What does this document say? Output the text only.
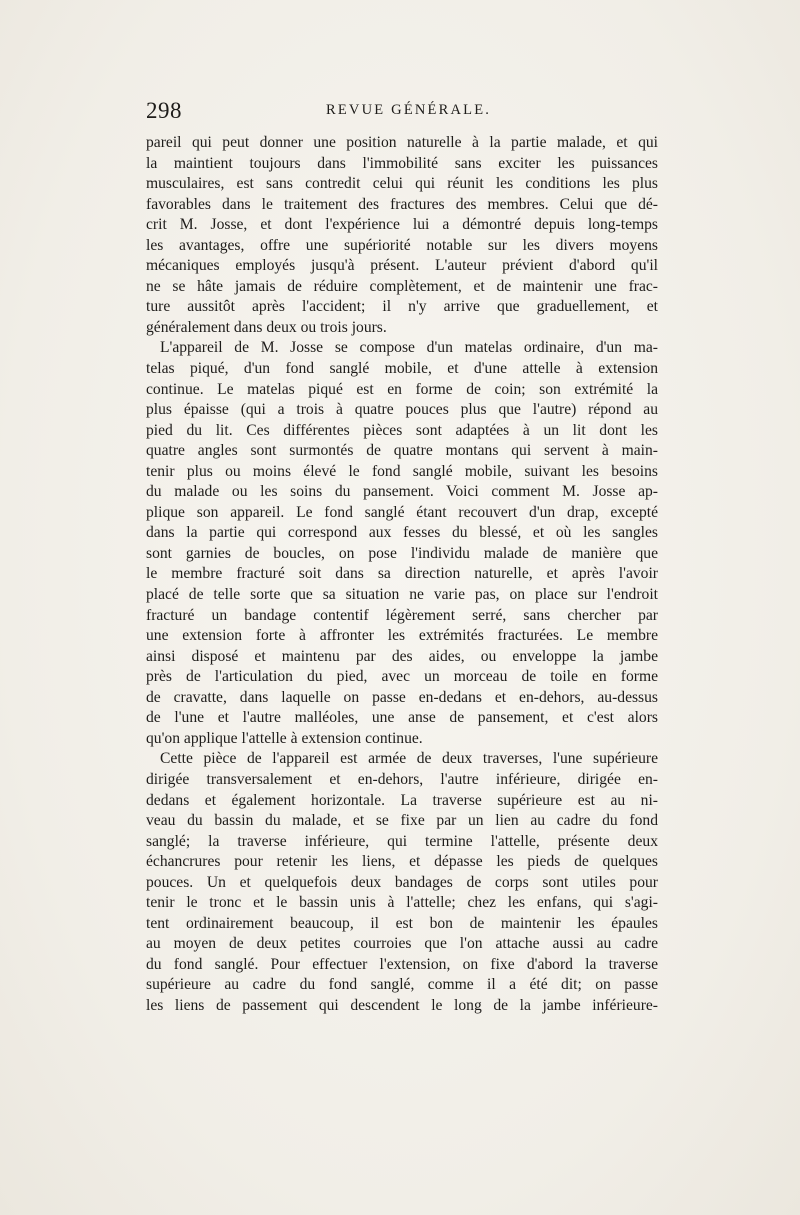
298	REVUE GÉNÉRALE.
pareil qui peut donner une position naturelle à la partie malade, et qui
la maintient toujours dans l'immobilité sans exciter les puissances
musculaires, est sans contredit celui qui réunit les conditions les plus
favorables dans le traitement des fractures des membres. Celui que dé-
crit M. Josse, et dont l'expérience lui a démontré depuis long-temps
les avantages, offre une supériorité notable sur les divers moyens
mécaniques employés jusqu'à présent. L'auteur prévient d'abord qu'il
ne se hâte jamais de réduire complètement, et de maintenir une frac-
ture aussitôt après l'accident; il n'y arrive que graduellement, et
généralement dans deux ou trois jours.
L'appareil de M. Josse se compose d'un matelas ordinaire, d'un ma-
telas piqué, d'un fond sanglé mobile, et d'une attelle à extension
continue. Le matelas piqué est en forme de coin; son extrémité la
plus épaisse (qui a trois à quatre pouces plus que l'autre) répond au
pied du lit. Ces différentes pièces sont adaptées à un lit dont les
quatre angles sont surmontés de quatre montans qui servent à main-
tenir plus ou moins élevé le fond sanglé mobile, suivant les besoins
du malade ou les soins du pansement. Voici comment M. Josse ap-
plique son appareil. Le fond sanglé étant recouvert d'un drap, excepté
dans la partie qui correspond aux fesses du blessé, et où les sangles
sont garnies de boucles, on pose l'individu malade de manière que
le membre fracturé soit dans sa direction naturelle, et après l'avoir
placé de telle sorte que sa situation ne varie pas, on place sur l'endroit
fracturé un bandage contentif légèrement serré, sans chercher par
une extension forte à affronter les extrémités fracturées. Le membre
ainsi disposé et maintenu par des aides, ou enveloppe la jambe
près de l'articulation du pied, avec un morceau de toile en forme
de cravatte, dans laquelle on passe en-dedans et en-dehors, au-dessus
de l'une et l'autre malléoles, une anse de pansement, et c'est alors
qu'on applique l'attelle à extension continue.
Cette pièce de l'appareil est armée de deux traverses, l'une supérieure
dirigée transversalement et en-dehors, l'autre inférieure, dirigée en-
dedans et également horizontale. La traverse supérieure est au ni-
veau du bassin du malade, et se fixe par un lien au cadre du fond
sanglé; la traverse inférieure, qui termine l'attelle, présente deux
échancrures pour retenir les liens, et dépasse les pieds de quelques
pouces. Un et quelquefois deux bandages de corps sont utiles pour
tenir le tronc et le bassin unis à l'attelle; chez les enfans, qui s'agi-
tent ordinairement beaucoup, il est bon de maintenir les épaules
au moyen de deux petites courroies que l'on attache aussi au cadre
du fond sanglé. Pour effectuer l'extension, on fixe d'abord la traverse
supérieure au cadre du fond sanglé, comme il a été dit; on passe
les liens de passement qui descendent le long de la jambe inférieure-
